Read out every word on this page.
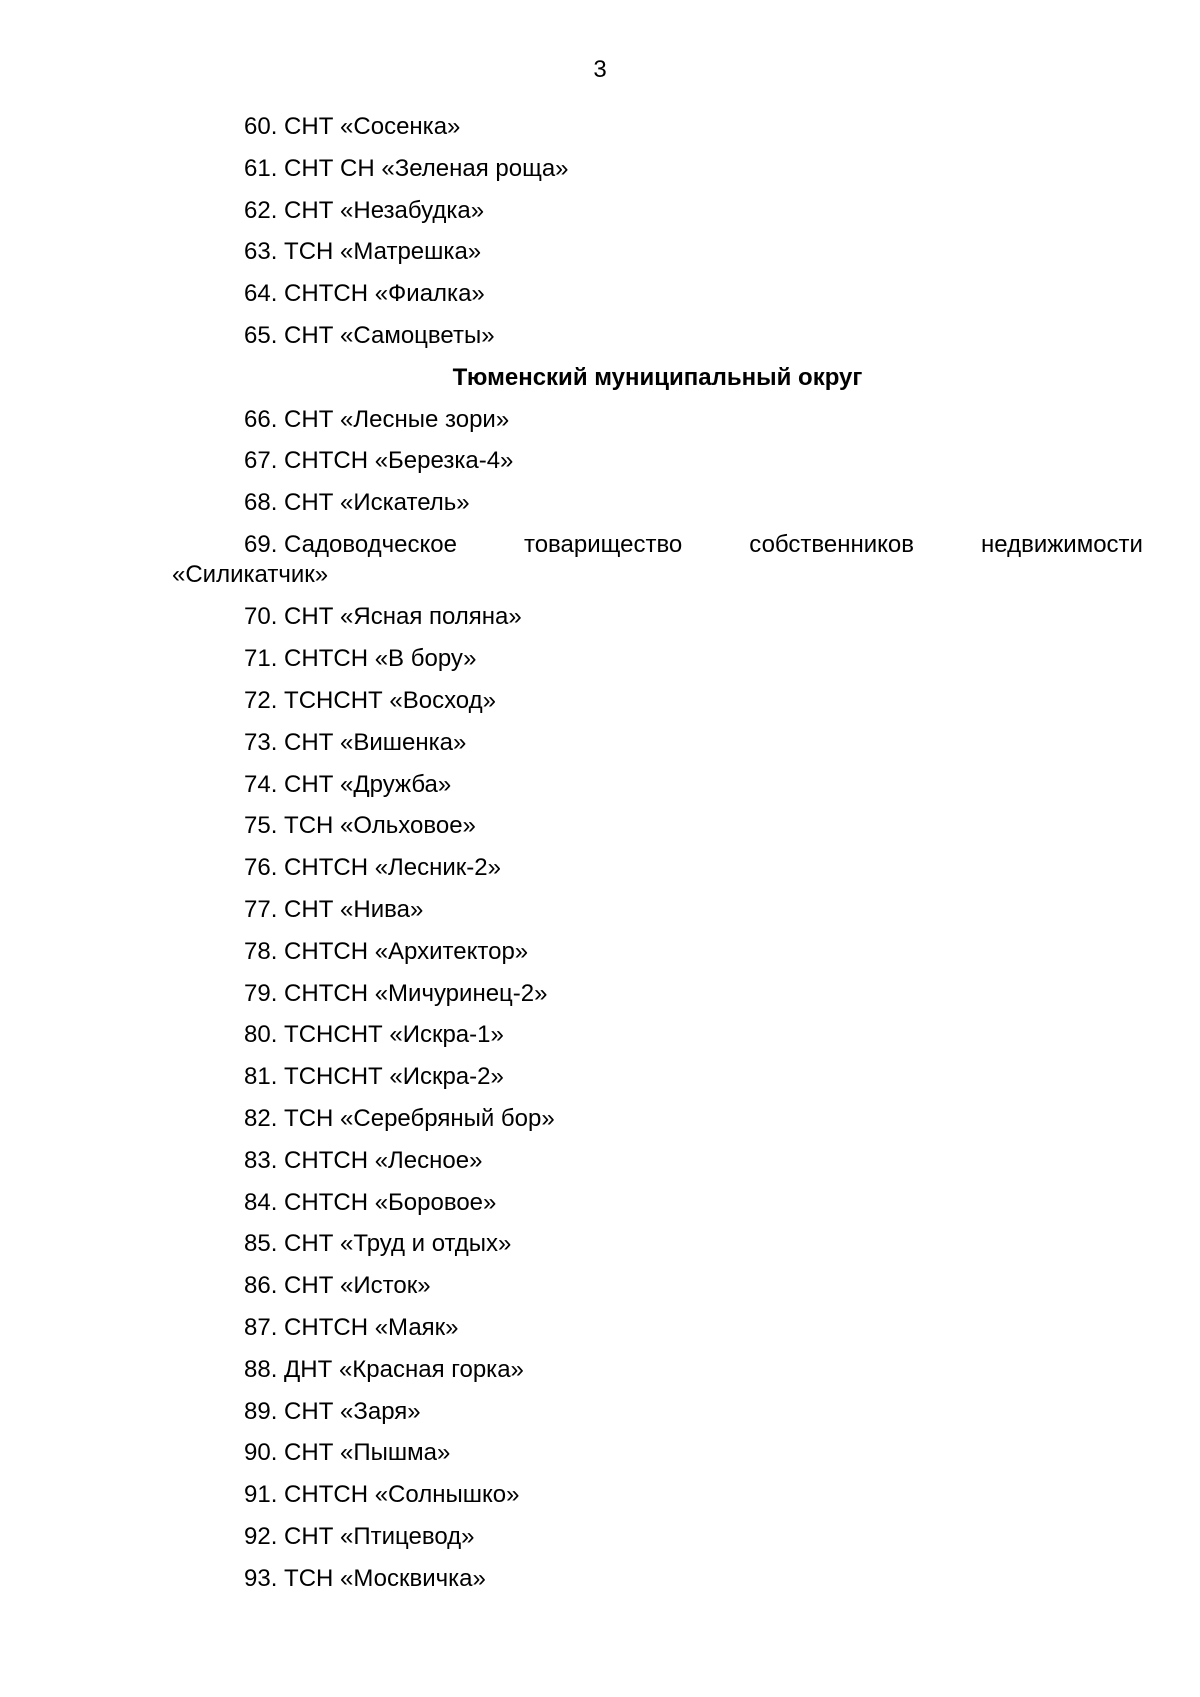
3
60. СНТ «Сосенка»
61. СНТ СН «Зеленая роща»
62. СНТ «Незабудка»
63. ТСН «Матрешка»
64. СНТСН «Фиалка»
65. СНТ «Самоцветы»
Тюменский муниципальный округ
66. СНТ «Лесные зори»
67. СНТСН «Березка-4»
68. СНТ «Искатель»
69. Садоводческое	товарищество	собственников	недвижимости
«Силикатчик»
70. СНТ «Ясная поляна»
71. СНТСН «В бору»
72. ТСНСНТ «Восход»
73. СНТ «Вишенка»
74. СНТ «Дружба»
75. ТСН «Ольховое»
76. СНТСН «Лесник-2»
77. СНТ «Нива»
78. СНТСН «Архитектор»
79. СНТСН «Мичуринец-2»
80. ТСНСНТ «Искра-1»
81. ТСНСНТ «Искра-2»
82. ТСН «Серебряный бор»
83. СНТСН «Лесное»
84. СНТСН «Боровое»
85. СНТ «Труд и отдых»
86. СНТ «Исток»
87. СНТСН «Маяк»
88. ДНТ «Красная горка»
89. СНТ «Заря»
90. СНТ «Пышма»
91. СНТСН «Солнышко»
92. СНТ «Птицевод»
93. ТСН «Москвичка»
